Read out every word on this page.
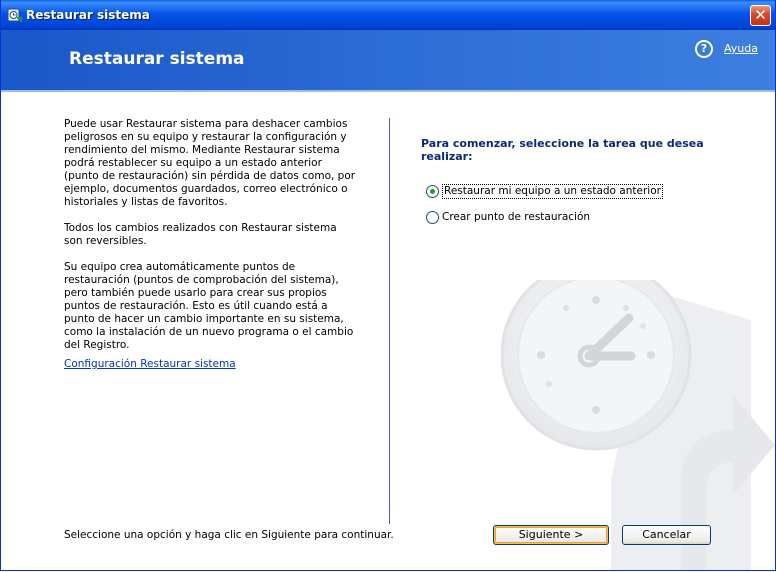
Restaurar sistema	✕
Restaurar sistema
?	Ayuda

Puede usar Restaurar sistema para deshacer cambios peligrosos en su equipo y restaurar la configuración y rendimiento del mismo. Mediante Restaurar sistema podrá restablecer su equipo a un estado anterior (punto de restauración) sin pérdida de datos como, por ejemplo, documentos guardados, correo electrónico o historiales y listas de favoritos.

Todos los cambios realizados con Restaurar sistema son reversibles.

Su equipo crea automáticamente puntos de restauración (puntos de comprobación del sistema), pero también puede usarlo para crear sus propios puntos de restauración. Esto es útil cuando está a punto de hacer un cambio importante en su sistema, como la instalación de un nuevo programa o el cambio del Registro.

Configuración Restaurar sistema
Para comenzar, seleccione la tarea que desea realizar:
Restaurar mi equipo a un estado anterior
Crear punto de restauración
Seleccione una opción y haga clic en Siguiente para continuar.	Siguiente >	Cancelar
